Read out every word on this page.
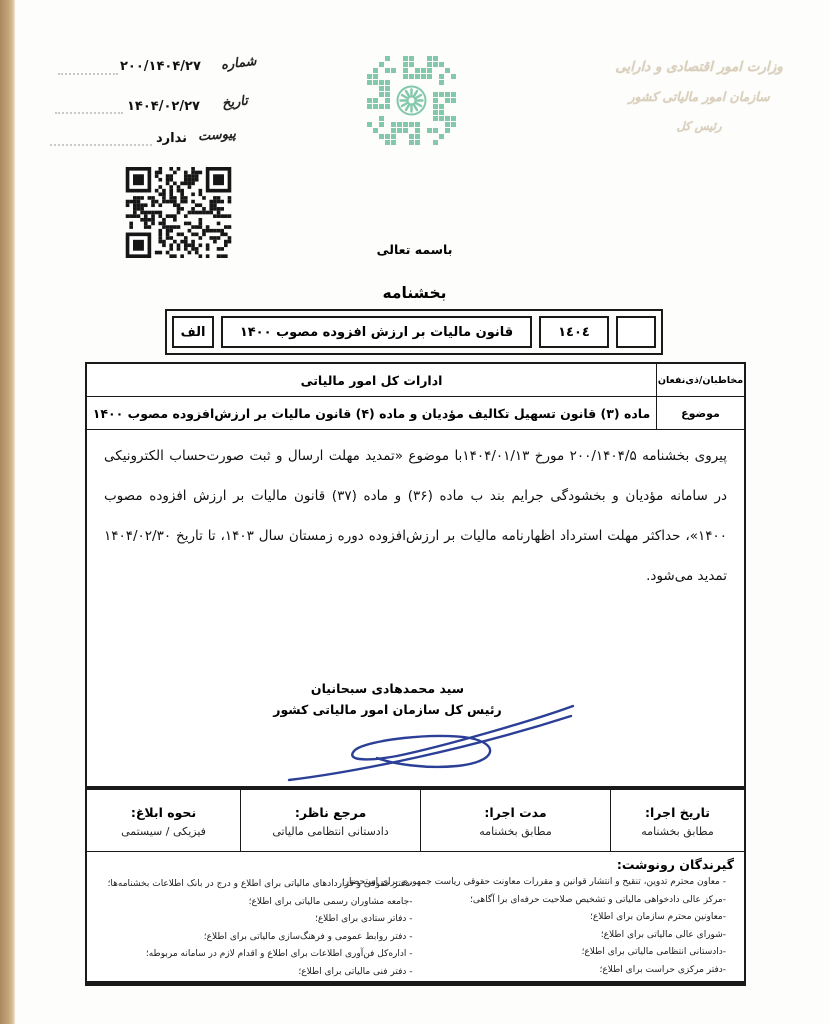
شماره
۲۰۰/۱۴۰۴/۲۷
تاریخ
۱۴۰۴/۰۲/۲۷
پیوست
ندارد
وزارت امور اقتصادی و دارایی
سازمان امور مالیاتی کشور
رئیس کل
باسمه تعالی
بخشنامه
١٤٠٤
قانون مالیات بر ارزش افزوده مصوب ۱۴۰۰
الف
مخاطبان/ذی‌نفعان
ادارات کل امور مالیاتی
موضوع
ماده (۳) قانون تسهیل تکالیف مؤدیان و ماده (۴) قانون مالیات بر ارزش‌افزوده مصوب ۱۴۰۰

پیروی بخشنامه ۲۰۰/۱۴۰۴/۵ مورخ ۱۴۰۴/۰۱/۱۳با موضوع «تمدید مهلت ارسال و ثبت صورت‌حساب الکترونیکی در سامانه مؤدیان و بخشودگی جرایم بند ب ماده (۳۶) و ماده (۳۷) قانون مالیات بر ارزش افزوده مصوب ۱۴۰۰»، حداکثر مهلت استرداد اظهارنامه مالیات بر ارزش‌افزوده دوره زمستان سال ۱۴۰۳، تا تاریخ ۱۴۰۴/۰۲/۳۰ تمدید می‌شود.

سید محمدهادی سبحانیان
رئیس کل سازمان امور مالیاتی کشور
تاریخ اجرا:
مطابق بخشنامه
مدت اجرا:
مطابق بخشنامه
مرجع ناظر:
دادستانی انتظامی مالیاتی
نحوه ابلاغ:
فیزیکی / سیستمی
گیرندگان رونوشت:
- معاون محترم تدوین، تنقیح و انتشار قوانین و مقررات معاونت حقوقی ریاست جمهوری برای استحضار؛
-مرکز عالی دادخواهی مالیاتی و تشخیص صلاحیت حرفه‌ای برا آگاهی؛
-معاونین محترم سازمان برای اطلاع؛
-شورای عالی مالیاتی برای اطلاع؛
-دادستانی انتظامی مالیاتی برای اطلاع؛
-دفتر مرکزی حراست برای اطلاع؛
-دفتر حقوقی و قراردادهای مالیاتی برای اطلاع و درج در بانک اطلاعات بخشنامه‌ها؛
-جامعه مشاوران رسمی مالیاتی برای اطلاع؛
- دفاتر ستادی برای اطلاع؛
- دفتر روابط عمومی و فرهنگ‌سازی مالیاتی برای اطلاع؛
- اداره‌کل فن‌آوری اطلاعات برای اطلاع و اقدام لازم در سامانه مربوطه؛
- دفتر فنی مالیاتی برای اطلاع؛
